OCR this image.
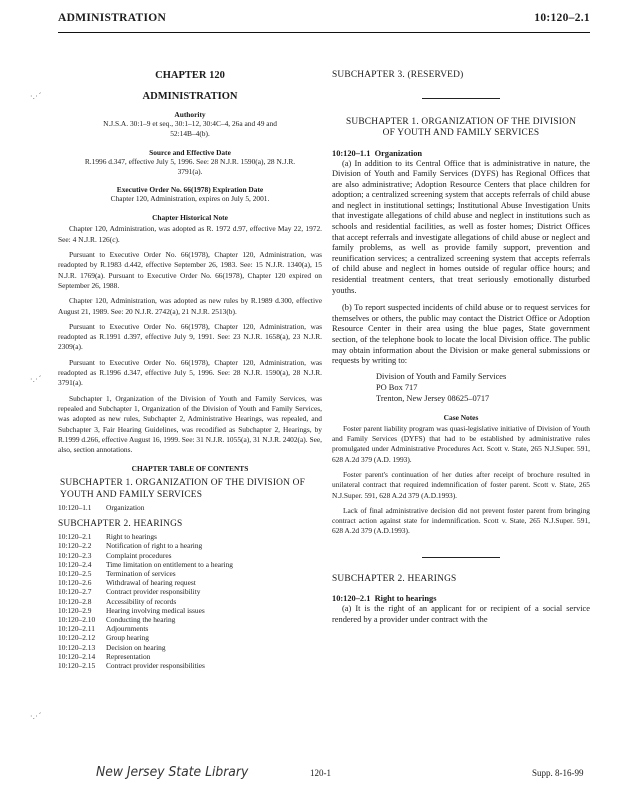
ADMINISTRATION	10:120–2.1
CHAPTER 120
ADMINISTRATION
Authority

N.J.S.A. 30:1–9 et seq., 30:1–12, 30:4C–4, 26a and 49 and 52:14B–4(b).

Source and Effective Date

R.1996 d.347, effective July 5, 1996. See: 28 N.J.R. 1590(a), 28 N.J.R. 3791(a).

Executive Order No. 66(1978) Expiration Date

Chapter 120, Administration, expires on July 5, 2001.

Chapter Historical Note

Chapter 120, Administration, was adopted as R. 1972 d.97, effective May 22, 1972. See: 4 N.J.R. 126(c).

Pursuant to Executive Order No. 66(1978), Chapter 120, Administration, was readopted by R.1983 d.442, effective September 26, 1983. See: 15 N.J.R. 1340(a), 15 N.J.R. 1769(a). Pursuant to Executive Order No. 66(1978), Chapter 120 expired on September 26, 1988.

Chapter 120, Administration, was adopted as new rules by R.1989 d.300, effective August 21, 1989. See: 20 N.J.R. 2742(a), 21 N.J.R. 2513(b).

Pursuant to Executive Order No. 66(1978), Chapter 120, Administration, was readopted as R.1991 d.397, effective July 9, 1991. See: 23 N.J.R. 1658(a), 23 N.J.R. 2309(a).

Pursuant to Executive Order No. 66(1978), Chapter 120, Administration, was readopted as R.1996 d.347, effective July 5, 1996. See: 28 N.J.R. 1590(a), 28 N.J.R. 3791(a).

Subchapter 1, Organization of the Division of Youth and Family Services, was repealed and Subchapter 1, Organization of the Division of Youth and Family Services, was adopted as new rules, Subchapter 2, Administrative Hearings, was repealed, and Subchapter 3, Fair Hearing Guidelines, was recodified as Subchapter 2, Hearings, by R.1999 d.266, effective August 16, 1999. See: 31 N.J.R. 1055(a), 31 N.J.R. 2402(a). See, also, section annotations.

CHAPTER TABLE OF CONTENTS
SUBCHAPTER 1. ORGANIZATION OF THE DIVISION OF YOUTH AND FAMILY SERVICES
10:120–1.1	Organization
SUBCHAPTER 2. HEARINGS
10:120–2.1	Right to hearings
10:120–2.2	Notification of right to a hearing
10:120–2.3	Complaint procedures
10:120–2.4	Time limitation on entitlement to a hearing
10:120–2.5	Termination of services
10:120–2.6	Withdrawal of hearing request
10:120–2.7	Contract provider responsibility
10:120–2.8	Accessibility of records
10:120–2.9	Hearing involving medical issues
10:120–2.10	Conducting the hearing
10:120–2.11	Adjournments
10:120–2.12	Group hearing
10:120–2.13	Decision on hearing
10:120–2.14	Representation
10:120–2.15	Contract provider responsibilities
SUBCHAPTER 3. (RESERVED)
SUBCHAPTER 1. ORGANIZATION OF THE DIVISION OF YOUTH AND FAMILY SERVICES
10:120–1.1 Organization

(a) In addition to its Central Office that is administrative in nature, the Division of Youth and Family Services (DYFS) has Regional Offices that are also administrative; Adoption Resource Centers that place children for adoption; a centralized screening system that accepts referrals of child abuse and neglect in institutional settings; Institutional Abuse Investigation Units that investigate allegations of child abuse and neglect in institutions such as schools and residential facilities, as well as foster homes; District Offices that accept referrals and investigate allegations of child abuse or neglect and family problems, as well as provide family support, prevention and reunification services; a centralized screening system that accepts referrals of child abuse and neglect in homes outside of regular office hours; and residential treatment centers, that treat seriously emotionally disturbed youths.

(b) To report suspected incidents of child abuse or to request services for themselves or others, the public may contact the District Office or Adoption Resource Center in their area using the blue pages, State government section, of the telephone book to locate the local Division office. The public may obtain information about the Division or make general submissions or requests by writing to:

Division of Youth and Family Services
PO Box 717
Trenton, New Jersey 08625–0717
Case Notes

Foster parent liability program was quasi-legislative initiative of Division of Youth and Family Services (DYFS) that had to be established by administrative rules promulgated under Administrative Procedures Act. Scott v. State, 265 N.J.Super. 591, 628 A.2d 379 (A.D. 1993).

Foster parent's continuation of her duties after receipt of brochure resulted in unilateral contract that required indemnification of foster parent. Scott v. State, 265 N.J.Super. 591, 628 A.2d 379 (A.D.1993).

Lack of final administrative decision did not prevent foster parent from bringing contract action against state for indemnification. Scott v. State, 265 N.J.Super. 591, 628 A.2d 379 (A.D.1993).

SUBCHAPTER 2. HEARINGS
10:120–2.1 Right to hearings

(a) It is the right of an applicant for or recipient of a social service rendered by a provider under contract with the

·.·´
·.·´
·.·´
New Jersey State Library	120-1	Supp. 8-16-99
